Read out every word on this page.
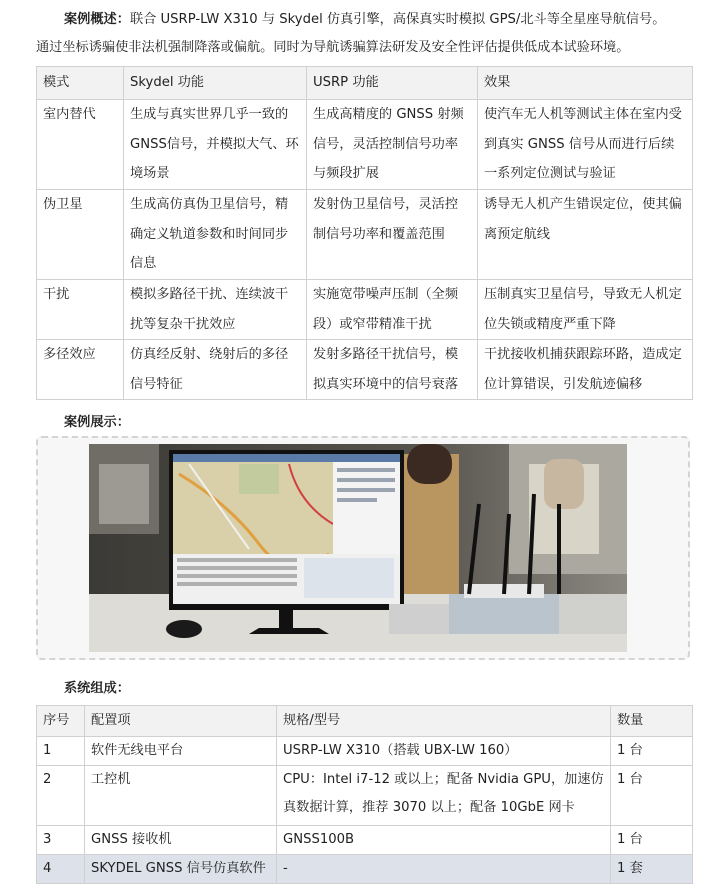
案例概述：联合 USRP-LW X310 与 Skydel 仿真引擎，高保真实时模拟 GPS/北斗等全星座导航信号。
通过坐标诱骗使非法机强制降落或偏航。同时为导航诱骗算法研发及安全性评估提供低成本试验环境。
模式	Skydel 功能	USRP 功能	效果
室内替代	生成与真实世界几乎一致的GNSS信号，并模拟大气、环境场景	生成高精度的 GNSS 射频信号，灵活控制信号功率与频段扩展	使汽车无人机等测试主体在室内受到真实 GNSS 信号从而进行后续一系列定位测试与验证
伪卫星	生成高仿真伪卫星信号，精确定义轨道参数和时间同步信息	发射伪卫星信号，灵活控制信号功率和覆盖范围	诱导无人机产生错误定位，使其偏离预定航线
干扰	模拟多路径干扰、连续波干扰等复杂干扰效应	实施宽带噪声压制（全频段）或窄带精准干扰	压制真实卫星信号，导致无人机定位失锁或精度严重下降
多径效应	仿真经反射、绕射后的多径信号特征	发射多路径干扰信号，模拟真实环境中的信号衰落	干扰接收机捕获跟踪环路，造成定位计算错误，引发航迹偏移
案例展示：
系统组成：
序号	配置项	规格/型号	数量
1	软件无线电平台	USRP-LW X310（搭载 UBX-LW 160）	1 台
2	工控机	CPU：Intel i7-12 或以上；配备 Nvidia GPU，加速仿真数据计算，推荐 3070 以上；配备 10GbE 网卡	1 台
3	GNSS 接收机	GNSS100B	1 台
4	SKYDEL GNSS 信号仿真软件	-	1 套
